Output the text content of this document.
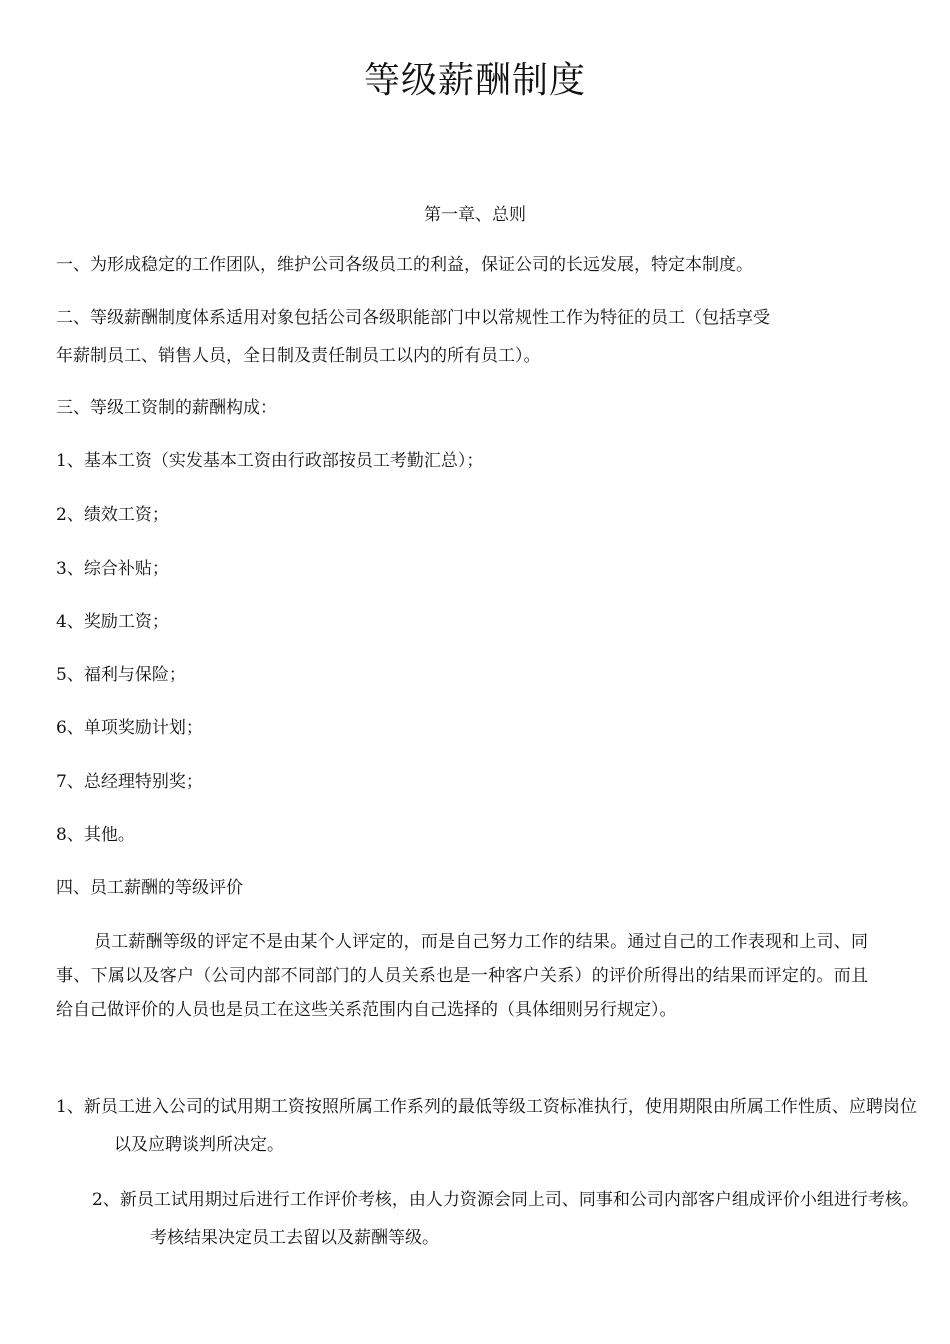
等级薪酬制度
第一章、总则
一、为形成稳定的工作团队，维护公司各级员工的利益，保证公司的长远发展，特定本制度。
二、等级薪酬制度体系适用对象包括公司各级职能部门中以常规性工作为特征的员工（包括享受
年薪制员工、销售人员，全日制及责任制员工以内的所有员工）。
三、等级工资制的薪酬构成：
1、基本工资（实发基本工资由行政部按员工考勤汇总）；
2、绩效工资；
3、综合补贴；
4、奖励工资；
5、福利与保险；
6、单项奖励计划；
7、总经理特别奖；
8、其他。
四、员工薪酬的等级评价
员工薪酬等级的评定不是由某个人评定的，而是自己努力工作的结果。通过自己的工作表现和上司、同事、下属以及客户（公司内部不同部门的人员关系也是一种客户关系）的评价所得出的结果而评定的。而且给自己做评价的人员也是员工在这些关系范围内自己选择的（具体细则另行规定）。
1、新员工进入公司的试用期工资按照所属工作系列的最低等级工资标准执行，使用期限由所属工作性质、应聘岗位以及应聘谈判所决定。
2、新员工试用期过后进行工作评价考核，由人力资源会同上司、同事和公司内部客户组成评价小组进行考核。考核结果决定员工去留以及薪酬等级。
